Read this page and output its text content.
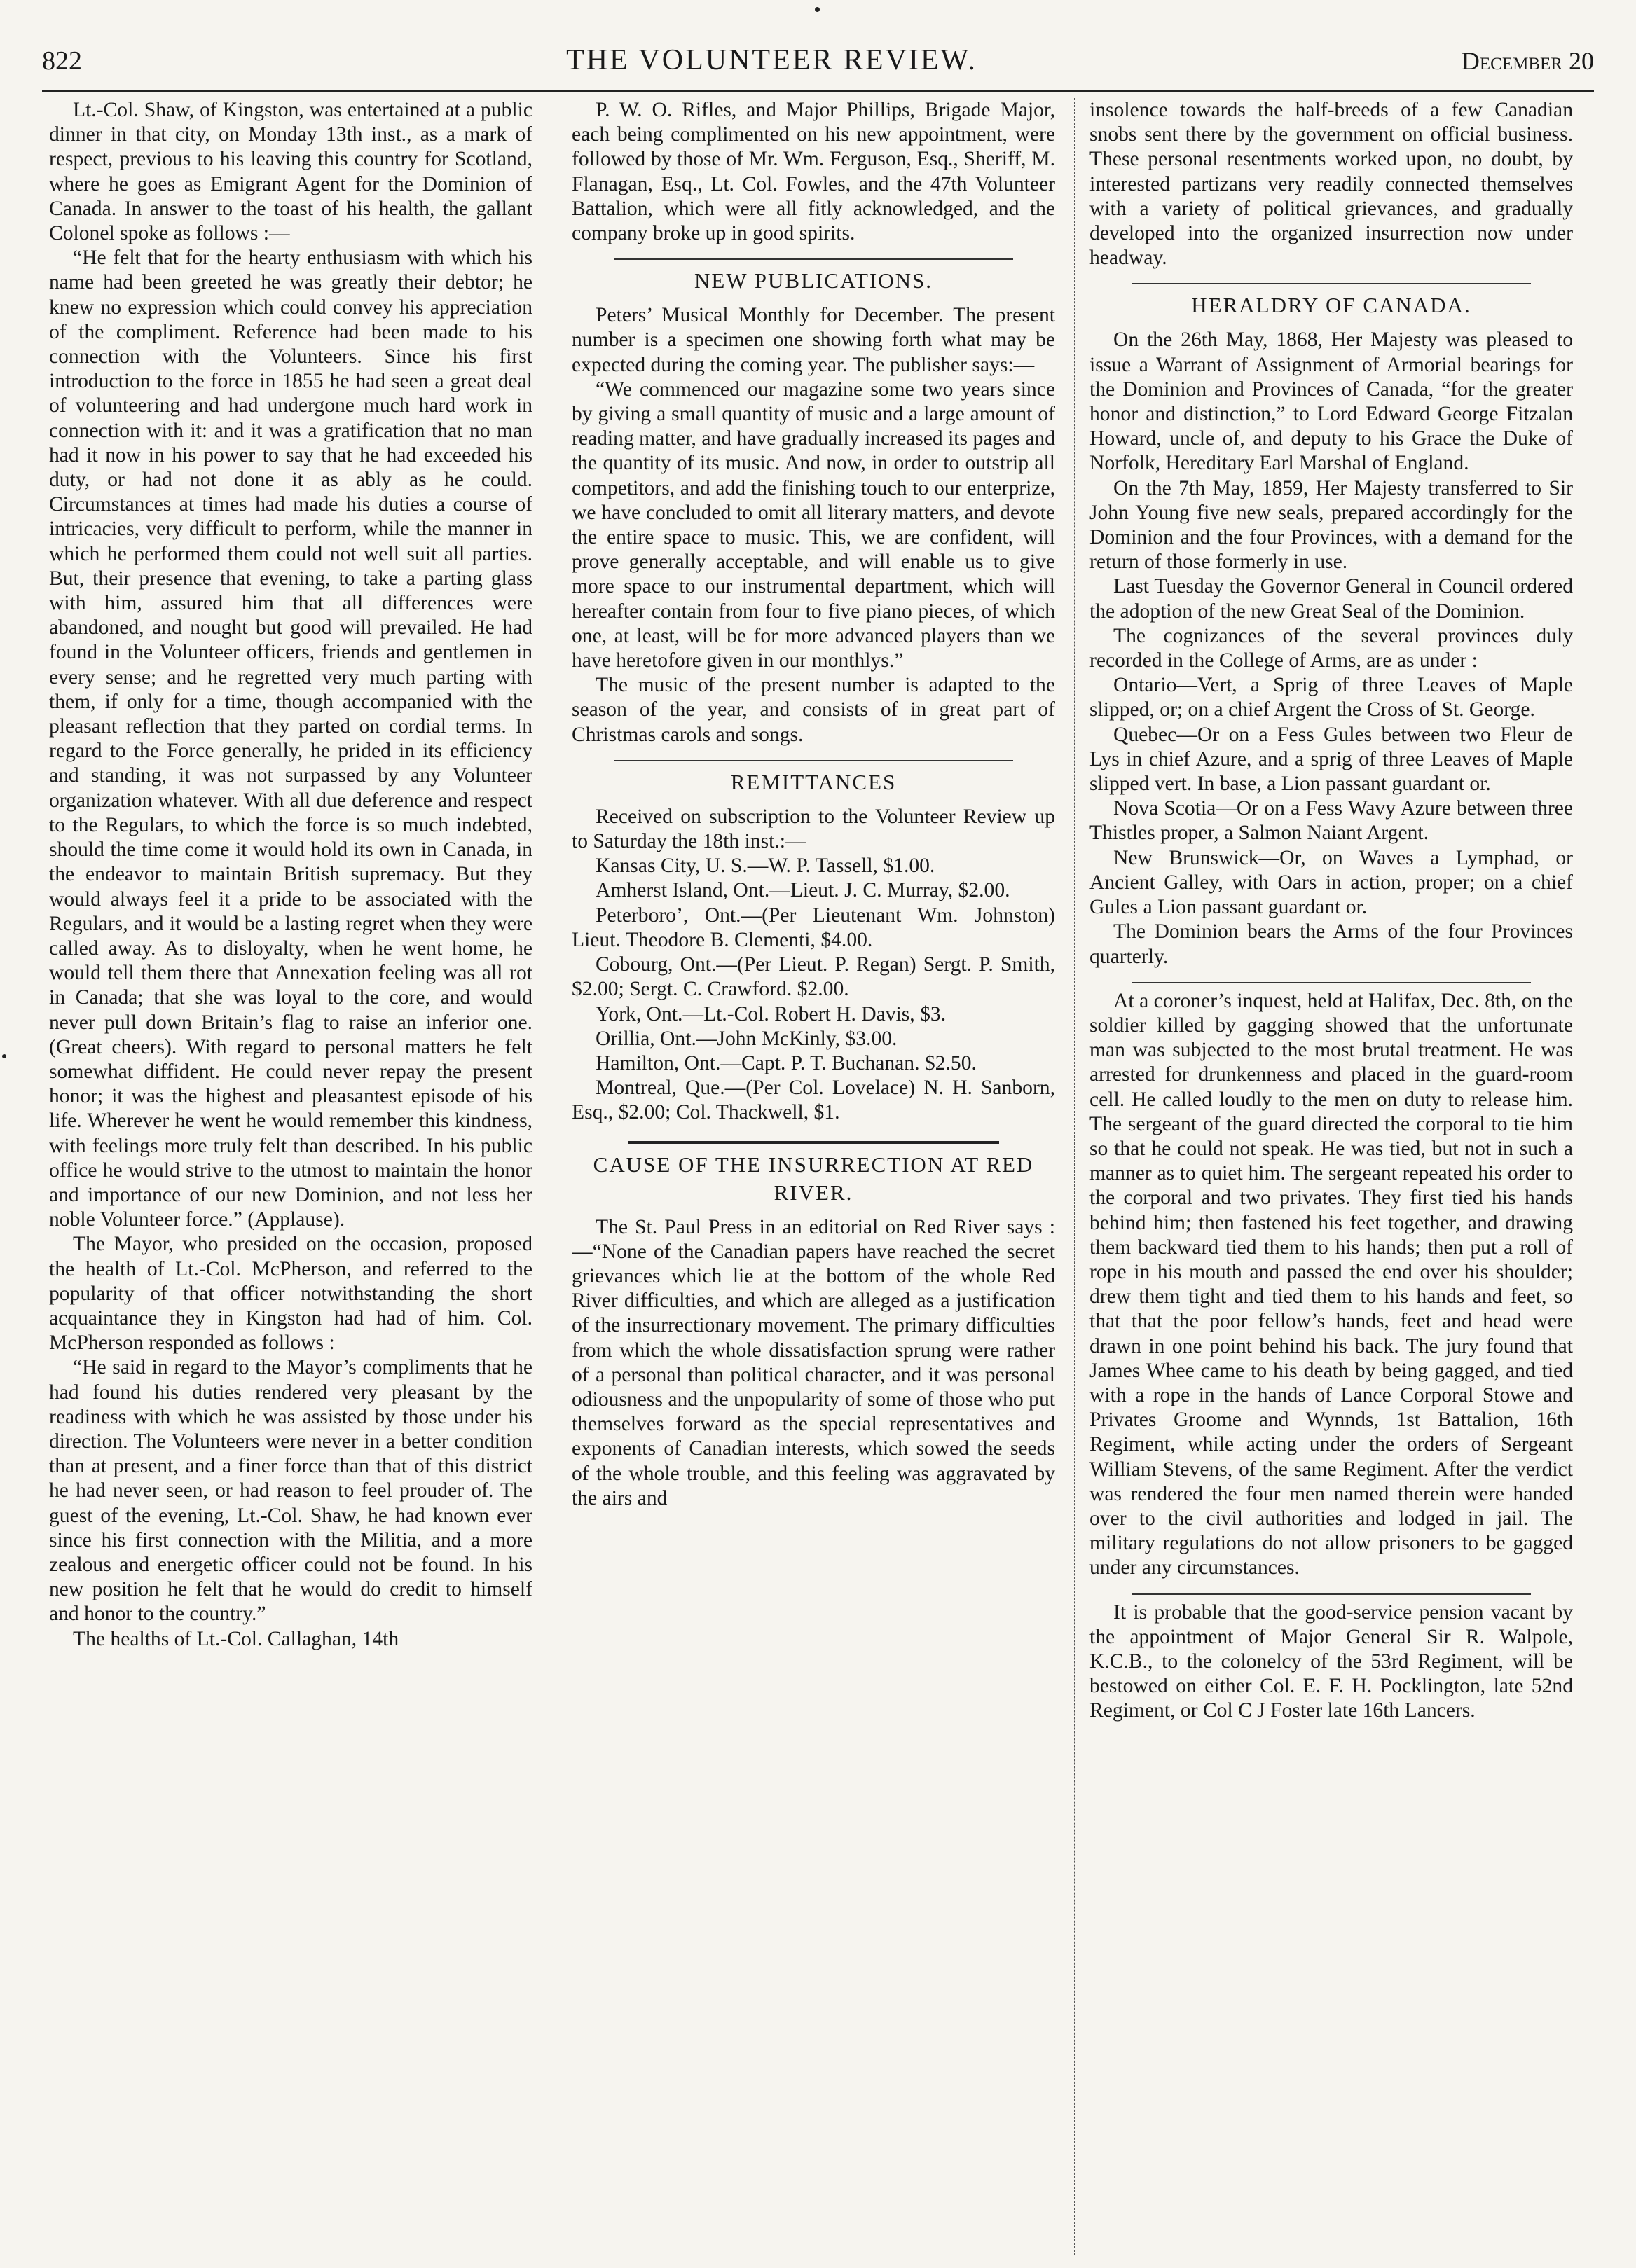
822	THE VOLUNTEER REVIEW.	December 20

Lt.-Col. Shaw, of Kingston, was entertained at a public dinner in that city, on Monday 13th inst., as a mark of respect, previous to his leaving this country for Scotland, where he goes as Emigrant Agent for the Dominion of Canada. In answer to the toast of his health, the gallant Colonel spoke as follows :—

“He felt that for the hearty enthusiasm with which his name had been greeted he was greatly their debtor; he knew no expression which could convey his appreciation of the compliment. Reference had been made to his connection with the Volunteers. Since his first introduction to the force in 1855 he had seen a great deal of volunteering and had undergone much hard work in connection with it: and it was a gratification that no man had it now in his power to say that he had exceeded his duty, or had not done it as ably as he could. Circumstances at times had made his duties a course of intricacies, very difficult to perform, while the manner in which he performed them could not well suit all parties. But, their presence that evening, to take a parting glass with him, assured him that all differences were abandoned, and nought but good will prevailed. He had found in the Volunteer officers, friends and gentlemen in every sense; and he regretted very much parting with them, if only for a time, though accompanied with the pleasant reflection that they parted on cordial terms. In regard to the Force generally, he prided in its efficiency and standing, it was not surpassed by any Volunteer organization whatever. With all due deference and respect to the Regulars, to which the force is so much indebted, should the time come it would hold its own in Canada, in the endeavor to maintain British supremacy. But they would always feel it a pride to be associated with the Regulars, and it would be a lasting regret when they were called away. As to disloyalty, when he went home, he would tell them there that Annexation feeling was all rot in Canada; that she was loyal to the core, and would never pull down Britain’s flag to raise an inferior one. (Great cheers). With regard to personal matters he felt somewhat diffident. He could never repay the present honor; it was the highest and pleasantest episode of his life. Wherever he went he would remember this kindness, with feelings more truly felt than described. In his public office he would strive to the utmost to maintain the honor and importance of our new Dominion, and not less her noble Volunteer force.” (Applause).

The Mayor, who presided on the occasion, proposed the health of Lt.-Col. McPherson, and referred to the popularity of that officer notwithstanding the short acquaintance they in Kingston had had of him. Col. McPherson responded as follows :

“He said in regard to the Mayor’s compliments that he had found his duties rendered very pleasant by the readiness with which he was assisted by those under his direction. The Volunteers were never in a better condition than at present, and a finer force than that of this district he had never seen, or had reason to feel prouder of. The guest of the evening, Lt.-Col. Shaw, he had known ever since his first connection with the Militia, and a more zealous and energetic officer could not be found. In his new position he felt that he would do credit to himself and honor to the country.”

The healths of Lt.-Col. Callaghan, 14th

P. W. O. Rifles, and Major Phillips, Brigade Major, each being complimented on his new appointment, were followed by those of Mr. Wm. Ferguson, Esq., Sheriff, M. Flanagan, Esq., Lt. Col. Fowles, and the 47th Volunteer Battalion, which were all fitly acknowledged, and the company broke up in good spirits.

NEW PUBLICATIONS.

Peters’ Musical Monthly for December. The present number is a specimen one showing forth what may be expected during the coming year. The publisher says:—

“We commenced our magazine some two years since by giving a small quantity of music and a large amount of reading matter, and have gradually increased its pages and the quantity of its music. And now, in order to outstrip all competitors, and add the finishing touch to our enterprize, we have concluded to omit all literary matters, and devote the entire space to music. This, we are confident, will prove generally acceptable, and will enable us to give more space to our instrumental department, which will hereafter contain from four to five piano pieces, of which one, at least, will be for more advanced players than we have heretofore given in our monthlys.”

The music of the present number is adapted to the season of the year, and consists of in great part of Christmas carols and songs.

REMITTANCES

Received on subscription to the Volunteer Review up to Saturday the 18th inst.:—

Kansas City, U. S.—W. P. Tassell, $1.00.

Amherst Island, Ont.—Lieut. J. C. Murray, $2.00.

Peterboro’, Ont.—(Per Lieutenant Wm. Johnston) Lieut. Theodore B. Clementi, $4.00.

Cobourg, Ont.—(Per Lieut. P. Regan) Sergt. P. Smith, $2.00; Sergt. C. Crawford. $2.00.

York, Ont.—Lt.-Col. Robert H. Davis, $3.

Orillia, Ont.—John McKinly, $3.00.

Hamilton, Ont.—Capt. P. T. Buchanan. $2.50.

Montreal, Que.—(Per Col. Lovelace) N. H. Sanborn, Esq., $2.00; Col. Thackwell, $1.

CAUSE OF THE INSURRECTION AT RED RIVER.

The St. Paul Press in an editorial on Red River says :—“None of the Canadian papers have reached the secret grievances which lie at the bottom of the whole Red River difficulties, and which are alleged as a justification of the insurrectionary movement. The primary difficulties from which the whole dissatisfaction sprung were rather of a personal than political character, and it was personal odiousness and the unpopularity of some of those who put themselves forward as the special representatives and exponents of Canadian interests, which sowed the seeds of the whole trouble, and this feeling was aggravated by the airs and

insolence towards the half-breeds of a few Canadian snobs sent there by the government on official business. These personal resentments worked upon, no doubt, by interested partizans very readily connected themselves with a variety of political grievances, and gradually developed into the organized insurrection now under headway.

HERALDRY OF CANADA.

On the 26th May, 1868, Her Majesty was pleased to issue a Warrant of Assignment of Armorial bearings for the Dominion and Provinces of Canada, “for the greater honor and distinction,” to Lord Edward George Fitzalan Howard, uncle of, and deputy to his Grace the Duke of Norfolk, Hereditary Earl Marshal of England.

On the 7th May, 1859, Her Majesty transferred to Sir John Young five new seals, prepared accordingly for the Dominion and the four Provinces, with a demand for the return of those formerly in use.

Last Tuesday the Governor General in Council ordered the adoption of the new Great Seal of the Dominion.

The cognizances of the several provinces duly recorded in the College of Arms, are as under :

Ontario—Vert, a Sprig of three Leaves of Maple slipped, or; on a chief Argent the Cross of St. George.

Quebec—Or on a Fess Gules between two Fleur de Lys in chief Azure, and a sprig of three Leaves of Maple slipped vert. In base, a Lion passant guardant or.

Nova Scotia—Or on a Fess Wavy Azure between three Thistles proper, a Salmon Naiant Argent.

New Brunswick—Or, on Waves a Lymphad, or Ancient Galley, with Oars in action, proper; on a chief Gules a Lion passant guardant or.

The Dominion bears the Arms of the four Provinces quarterly.

At a coroner’s inquest, held at Halifax, Dec. 8th, on the soldier killed by gagging showed that the unfortunate man was subjected to the most brutal treatment. He was arrested for drunkenness and placed in the guard-room cell. He called loudly to the men on duty to release him. The sergeant of the guard directed the corporal to tie him so that he could not speak. He was tied, but not in such a manner as to quiet him. The sergeant repeated his order to the corporal and two privates. They first tied his hands behind him; then fastened his feet together, and drawing them backward tied them to his hands; then put a roll of rope in his mouth and passed the end over his shoulder; drew them tight and tied them to his hands and feet, so that that the poor fellow’s hands, feet and head were drawn in one point behind his back. The jury found that James Whee came to his death by being gagged, and tied with a rope in the hands of Lance Corporal Stowe and Privates Groome and Wynnds, 1st Battalion, 16th Regiment, while acting under the orders of Sergeant William Stevens, of the same Regiment. After the verdict was rendered the four men named therein were handed over to the civil authorities and lodged in jail. The military regulations do not allow prisoners to be gagged under any circumstances.

It is probable that the good-service pension vacant by the appointment of Major General Sir R. Walpole, K.C.B., to the colonelcy of the 53rd Regiment, will be bestowed on either Col. E. F. H. Pocklington, late 52nd Regiment, or Col C J Foster late 16th Lancers.
